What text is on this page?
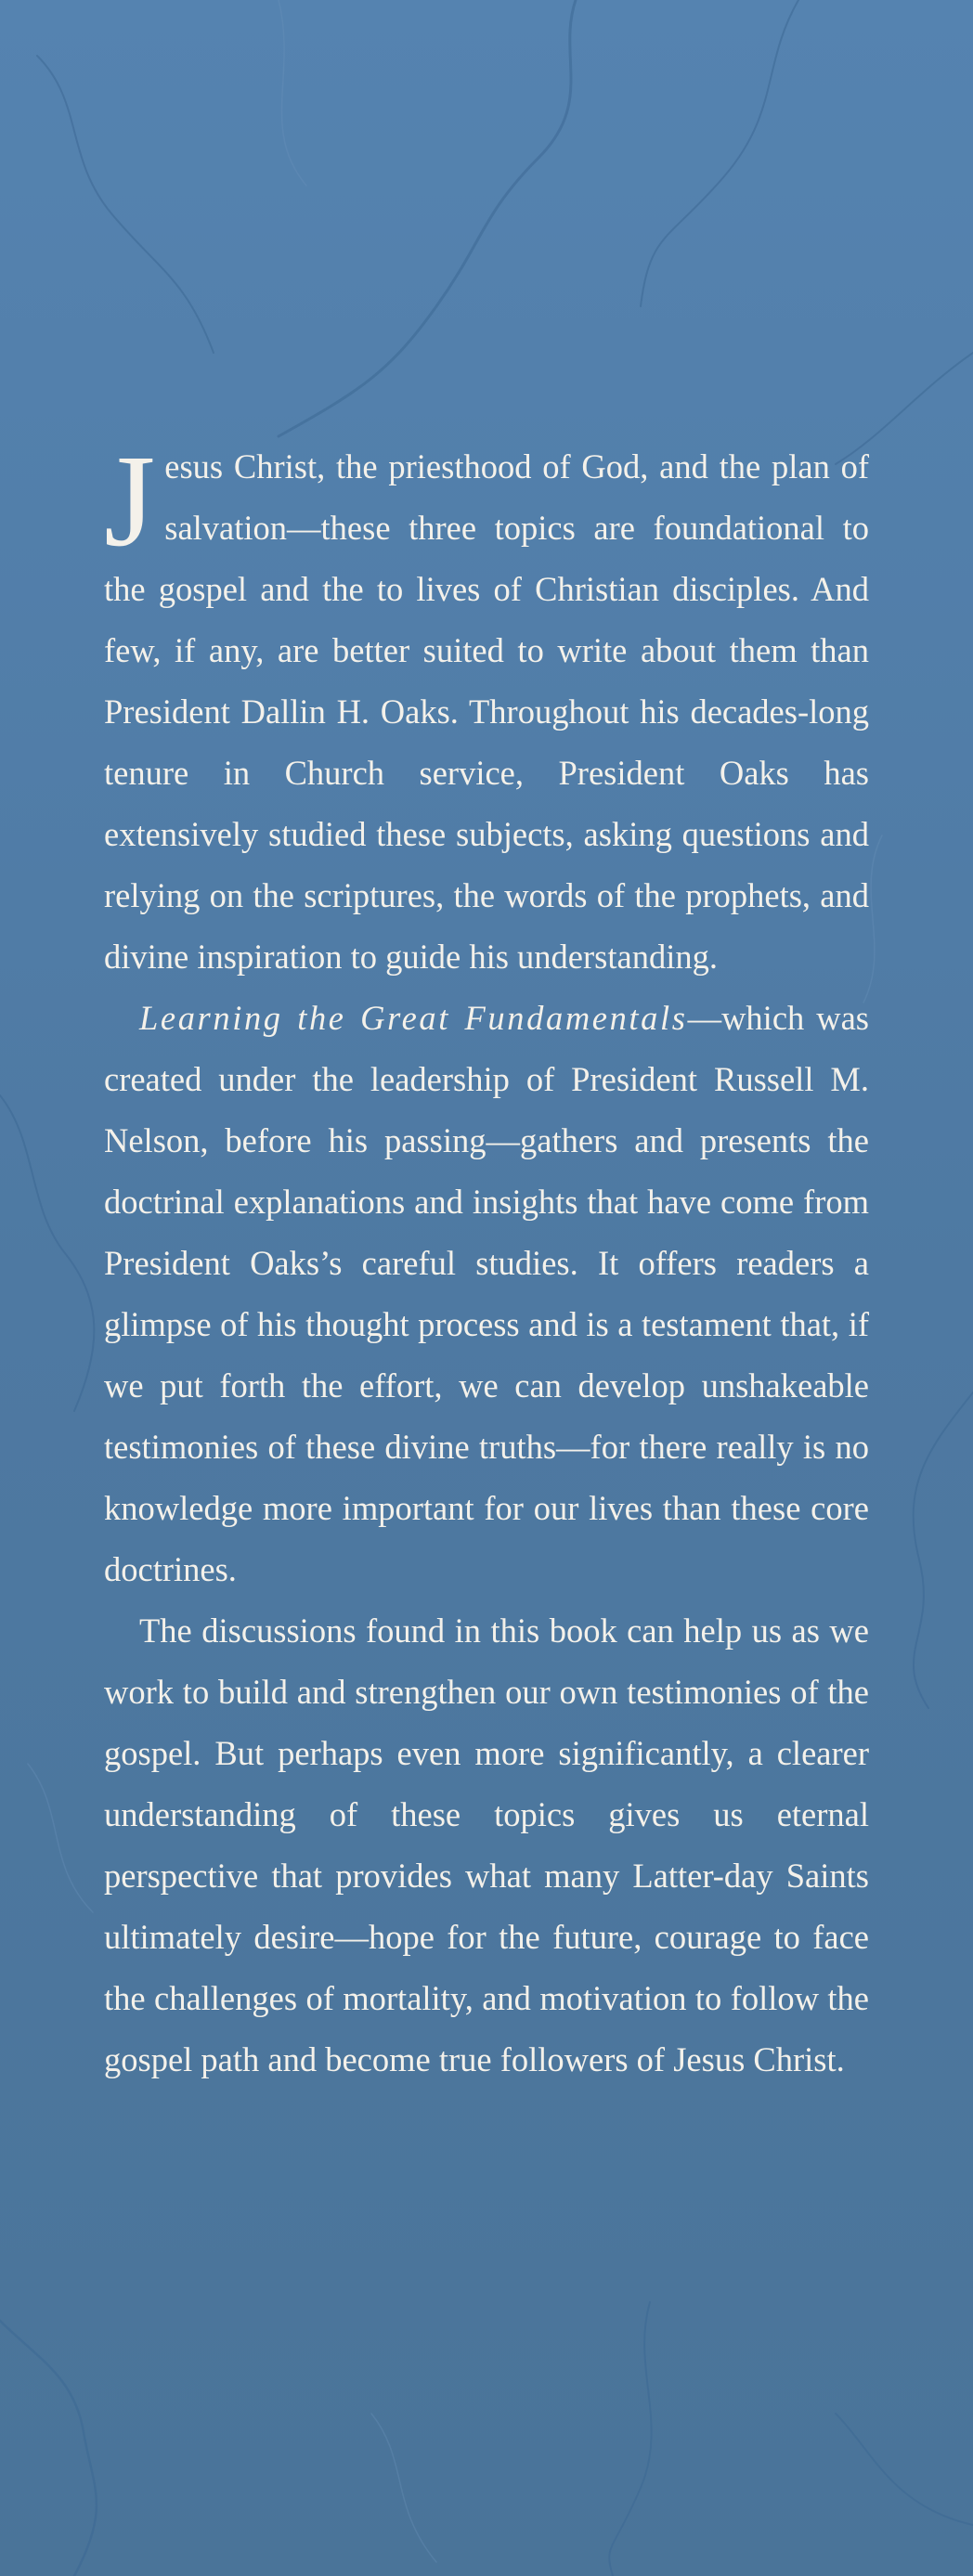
Jesus Christ, the priesthood of God, and the plan of salvation—these three topics are foundational to the gospel and the to lives of Christian disciples. And few, if any, are better suited to write about them than President Dallin H. Oaks. Throughout his decades-long tenure in Church service, President Oaks has extensively studied these subjects, asking questions and relying on the scriptures, the words of the prophets, and divine inspiration to guide his understanding.

Learning the Great Fundamentals—which was created under the leadership of President Russell M. Nelson, before his passing—gathers and presents the doctrinal explanations and insights that have come from President Oaks’s careful studies. It offers readers a glimpse of his thought process and is a testament that, if we put forth the effort, we can develop unshakeable testimonies of these divine truths—for there really is no knowledge more important for our lives than these core doctrines.

The discussions found in this book can help us as we work to build and strengthen our own testimonies of the gospel. But perhaps even more significantly, a clearer understanding of these topics gives us eternal perspective that provides what many Latter-day Saints ultimately desire—hope for the future, courage to face the challenges of mortality, and motivation to follow the gospel path and become true followers of Jesus Christ.
